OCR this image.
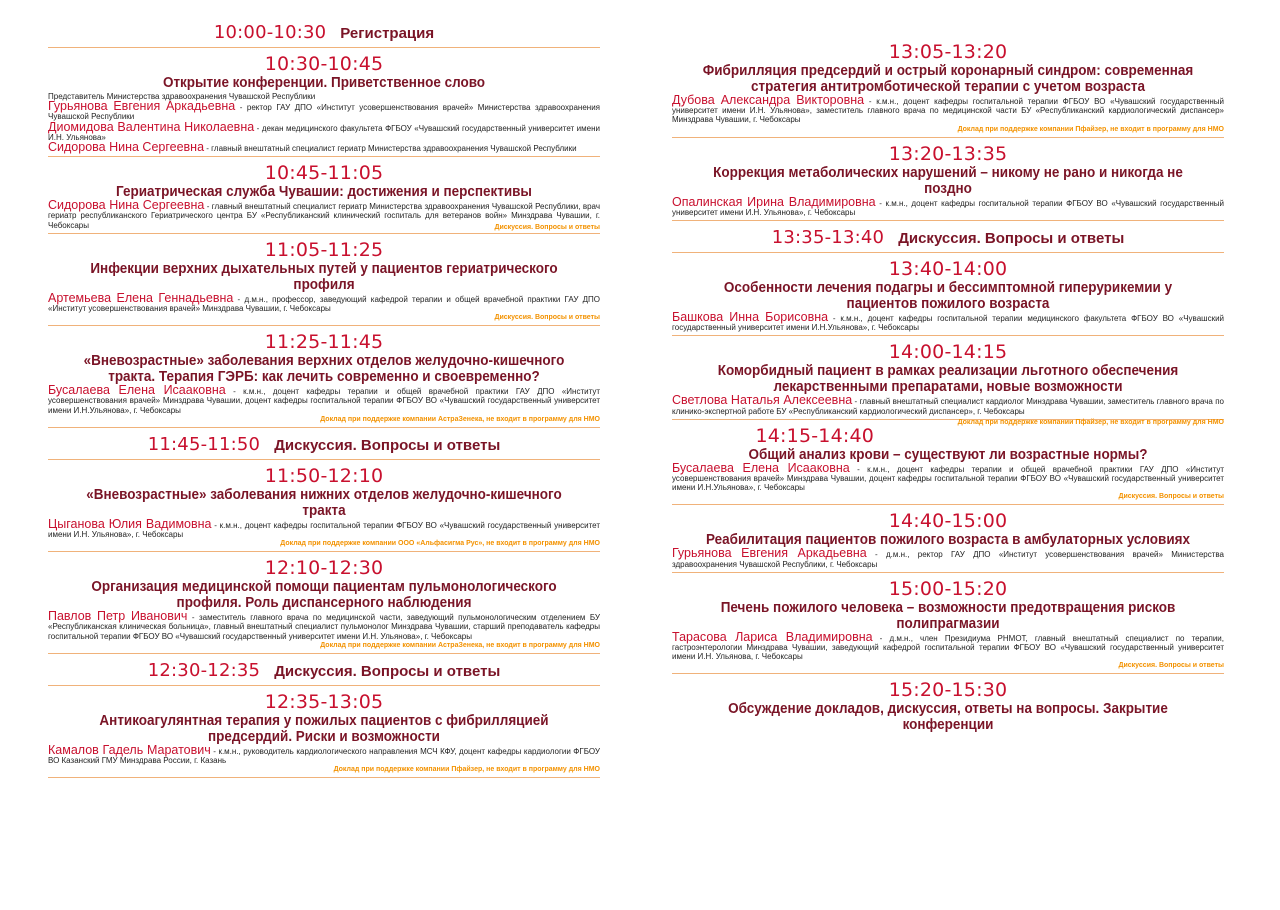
10:00-10:30 Регистрация
10:30-10:45
Открытие конференции. Приветственное слово
Представитель Министерства здравоохранения Чувашской Республики
Гурьянова Евгения Аркадьевна - ректор ГАУ ДПО «Институт усовершенствования врачей» Министерства здравоохранения Чувашской Республики
Диомидова Валентина Николаевна - декан медицинского факультета ФГБОУ «Чувашский государственный университет имени И.Н. Ульянова»
Сидорова Нина Сергеевна - главный внештатный специалист гериатр Министерства здравоохранения Чувашской Республики
10:45-11:05
Гериатрическая служба Чувашии: достижения и перспективы
Сидорова Нина Сергеевна - главный внештатный специалист гериатр Министерства здравоохранения Чувашской Республики, врач гериатр республиканского Гериатрического центра БУ «Республиканский клинический госпиталь для ветеранов войн» Минздрава Чувашии, г. Чебоксары	Дискуссия. Вопросы и ответы
11:05-11:25
Инфекции верхних дыхательных путей у пациентов гериатрического профиля
Артемьева Елена Геннадьевна - д.м.н., профессор, заведующий кафедрой терапии и общей врачебной практики ГАУ ДПО «Институт усовершенствования врачей» Минздрава Чувашии, г. Чебоксары
Дискуссия. Вопросы и ответы
11:25-11:45
«Вневозрастные» заболевания верхних отделов желудочно-кишечного тракта. Терапия ГЭРБ: как лечить современно и своевременно?
Бусалаева Елена Исааковна - к.м.н., доцент кафедры терапии и общей врачебной практики ГАУ ДПО «Институт усовершенствования врачей» Минздрава Чувашии, доцент кафедры госпитальной терапии ФГБОУ ВО «Чувашский государственный университет имени И.Н.Ульянова», г. Чебоксары
Доклад при поддержке компании АстраЗенека, не входит в программу для НМО
11:45-11:50 Дискуссия. Вопросы и ответы
11:50-12:10
«Вневозрастные» заболевания нижних отделов желудочно-кишечного тракта
Цыганова Юлия Вадимовна - к.м.н., доцент кафедры госпитальной терапии ФГБОУ ВО «Чувашский государственный университет имени И.Н. Ульянова», г. Чебоксары
Доклад при поддержке компании ООО «Альфасигма Рус», не входит в программу для НМО
12:10-12:30
Организация медицинской помощи пациентам пульмонологического профиля. Роль диспансерного наблюдения
Павлов Петр Иванович - заместитель главного врача по медицинской части, заведующий пульмонологическим отделением БУ «Республиканская клиническая больница», главный внештатный специалист пульмонолог Минздрава Чувашии, старший преподаватель кафедры госпитальной терапии ФГБОУ ВО «Чувашский государственный университет имени И.Н. Ульянова», г. Чебоксары
Доклад при поддержке компании АстраЗенека, не входит в программу для НМО
12:30-12:35 Дискуссия. Вопросы и ответы
12:35-13:05
Антикоагулянтная терапия у пожилых пациентов с фибрилляцией предсердий. Риски и возможности
Камалов Гадель Маратович - к.м.н., руководитель кардиологического направления МСЧ КФУ, доцент кафедры кардиологии ФГБОУ ВО Казанский ГМУ Минздрава России, г. Казань
Доклад при поддержке компании Пфайзер, не входит в программу для НМО
13:05-13:20
Фибрилляция предсердий и острый коронарный синдром: современная стратегия антитромботической терапии с учетом возраста
Дубова Александра Викторовна - к.м.н., доцент кафедры госпитальной терапии ФГБОУ ВО «Чувашский государственный университет имени И.Н. Ульянова», заместитель главного врача по медицинской части БУ «Республиканский кардиологический диспансер» Минздрава Чувашии, г. Чебоксары
Доклад при поддержке компании Пфайзер, не входит в программу для НМО
13:20-13:35
Коррекция метаболических нарушений – никому не рано и никогда не поздно
Опалинская Ирина Владимировна - к.м.н., доцент кафедры госпитальной терапии ФГБОУ ВО «Чувашский государственный университет имени И.Н. Ульянова», г. Чебоксары
13:35-13:40 Дискуссия. Вопросы и ответы
13:40-14:00
Особенности лечения подагры и бессимптомной гиперурикемии у пациентов пожилого возраста
Башкова Инна Борисовна - к.м.н., доцент кафедры госпитальной терапии медицинского факультета ФГБОУ ВО «Чувашский государственный университет имени И.Н.Ульянова», г. Чебоксары
14:00-14:15
Коморбидный пациент в рамках реализации льготного обеспечения лекарственными препаратами, новые возможности
Светлова Наталья Алексеевна - главный внештатный специалист кардиолог Минздрава Чувашии, заместитель главного врача по клинико-экспертной работе БУ «Республиканский кардиологический диспансер», г. Чебоксары
Доклад при поддержке компании Пфайзер, не входит в программу для НМО
14:15-14:40
Общий анализ крови – существуют ли возрастные нормы?
Бусалаева Елена Исааковна - к.м.н., доцент кафедры терапии и общей врачебной практики ГАУ ДПО «Институт усовершенствования врачей» Минздрава Чувашии, доцент кафедры госпитальной терапии ФГБОУ ВО «Чувашский государственный университет имени И.Н.Ульянова», г. Чебоксары
Дискуссия. Вопросы и ответы
14:40-15:00
Реабилитация пациентов пожилого возраста в амбулаторных условиях
Гурьянова Евгения Аркадьевна - д.м.н., ректор ГАУ ДПО «Институт усовершенствования врачей» Министерства здравоохранения Чувашской Республики, г. Чебоксары
15:00-15:20
Печень пожилого человека – возможности предотвращения рисков полипрагмазии
Тарасова Лариса Владимировна - д.м.н., член Президиума РНМОТ, главный внештатный специалист по терапии, гастроэнтерологии Минздрава Чувашии, заведующий кафедрой госпитальной терапии ФГБОУ ВО «Чувашский государственный университет имени И.Н. Ульянова, г. Чебоксары
Дискуссия. Вопросы и ответы
15:20-15:30
Обсуждение докладов, дискуссия, ответы на вопросы. Закрытие конференции
